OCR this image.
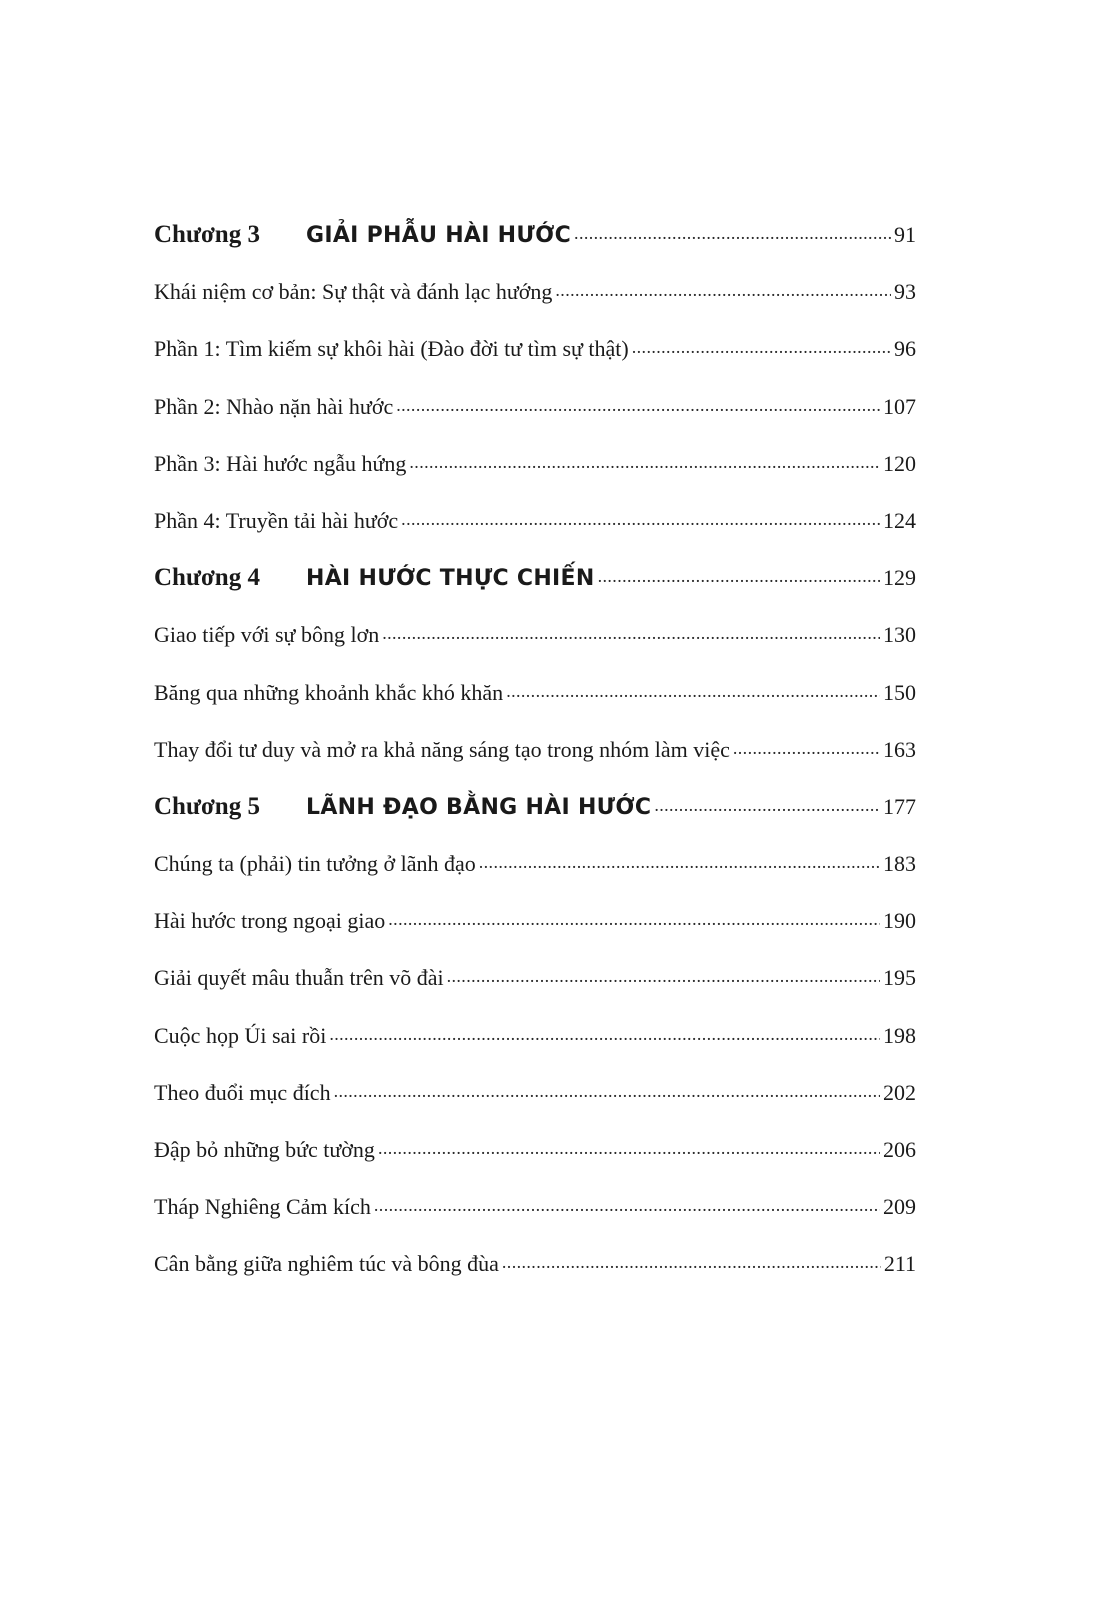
Chương 3	GIẢI PHẪU HÀI HƯỚC .....	91
Khái niệm cơ bản: Sự thật và đánh lạc hướng .....	93
Phần 1: Tìm kiếm sự khôi hài (Đào đời tư tìm sự thật) .....	96
Phần 2: Nhào nặn hài hước .....	107
Phần 3: Hài hước ngẫu hứng .....	120
Phần 4: Truyền tải hài hước .....	124
Chương 4	HÀI HƯỚC THỰC CHIẾN .....	129
Giao tiếp với sự bông lơn .....	130
Băng qua những khoảnh khắc khó khăn .....	150
Thay đổi tư duy và mở ra khả năng sáng tạo trong nhóm làm việc .....	163
Chương 5	LÃNH ĐẠO BẰNG HÀI HƯỚC .....	177
Chúng ta (phải) tin tưởng ở lãnh đạo .....	183
Hài hước trong ngoại giao .....	190
Giải quyết mâu thuẫn trên võ đài .....	195
Cuộc họp Úi sai rồi .....	198
Theo đuổi mục đích .....	202
Đập bỏ những bức tường .....	206
Tháp Nghiêng Cảm kích .....	209
Cân bằng giữa nghiêm túc và bông đùa .....	211
